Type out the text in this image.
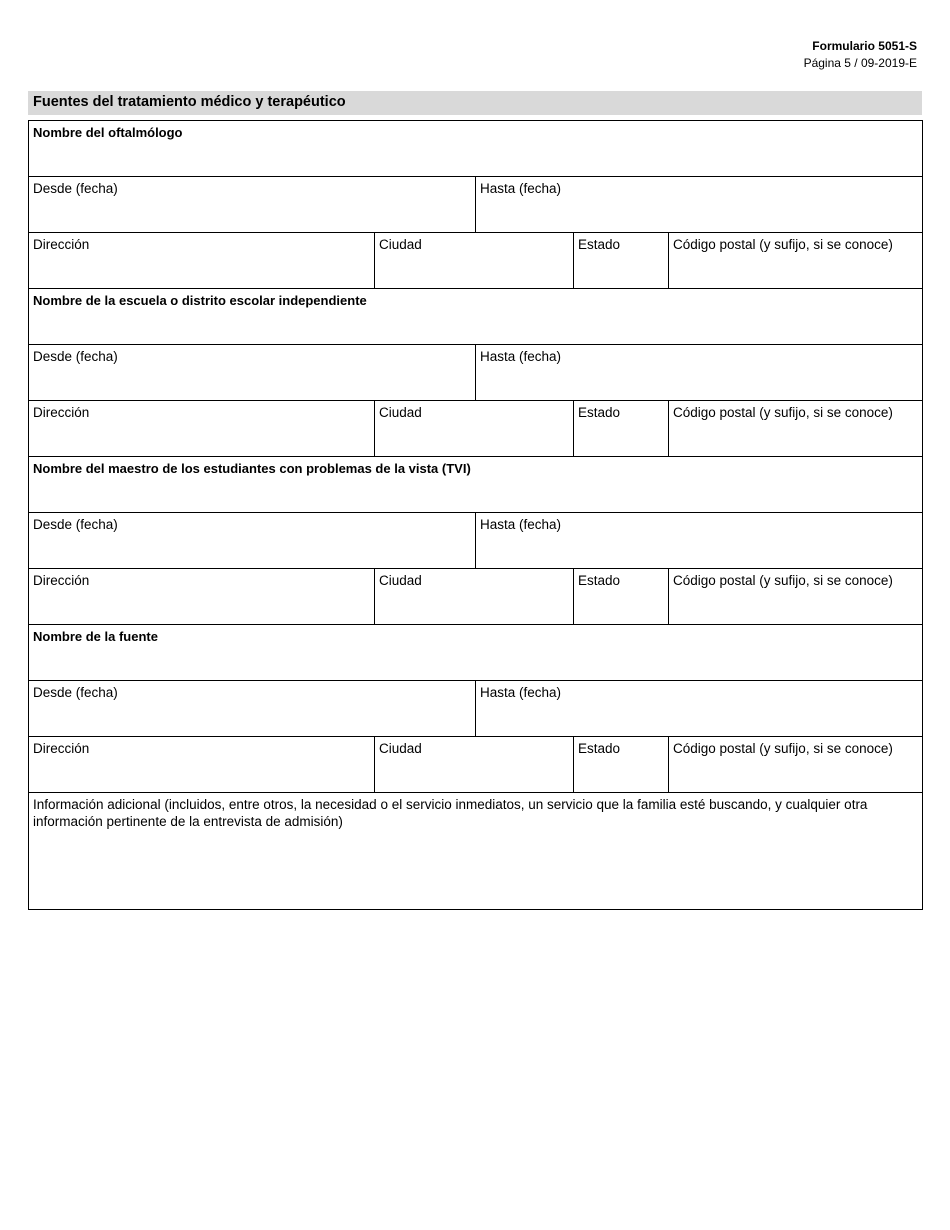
Formulario 5051-S
Página 5 / 09-2019-E
Fuentes del tratamiento médico y terapéutico
Nombre del oftalmólogo
Desde (fecha)	Hasta (fecha)
Dirección	Ciudad	Estado	Código postal (y sufijo, si se conoce)
Nombre de la escuela o distrito escolar independiente
Desde (fecha)	Hasta (fecha)
Dirección	Ciudad	Estado	Código postal (y sufijo, si se conoce)
Nombre del maestro de los estudiantes con problemas de la vista (TVI)
Desde (fecha)	Hasta (fecha)
Dirección	Ciudad	Estado	Código postal (y sufijo, si se conoce)
Nombre de la fuente
Desde (fecha)	Hasta (fecha)
Dirección	Ciudad	Estado	Código postal (y sufijo, si se conoce)
Información adicional (incluidos, entre otros, la necesidad o el servicio inmediatos, un servicio que la familia esté buscando, y cualquier otra información pertinente de la entrevista de admisión)
